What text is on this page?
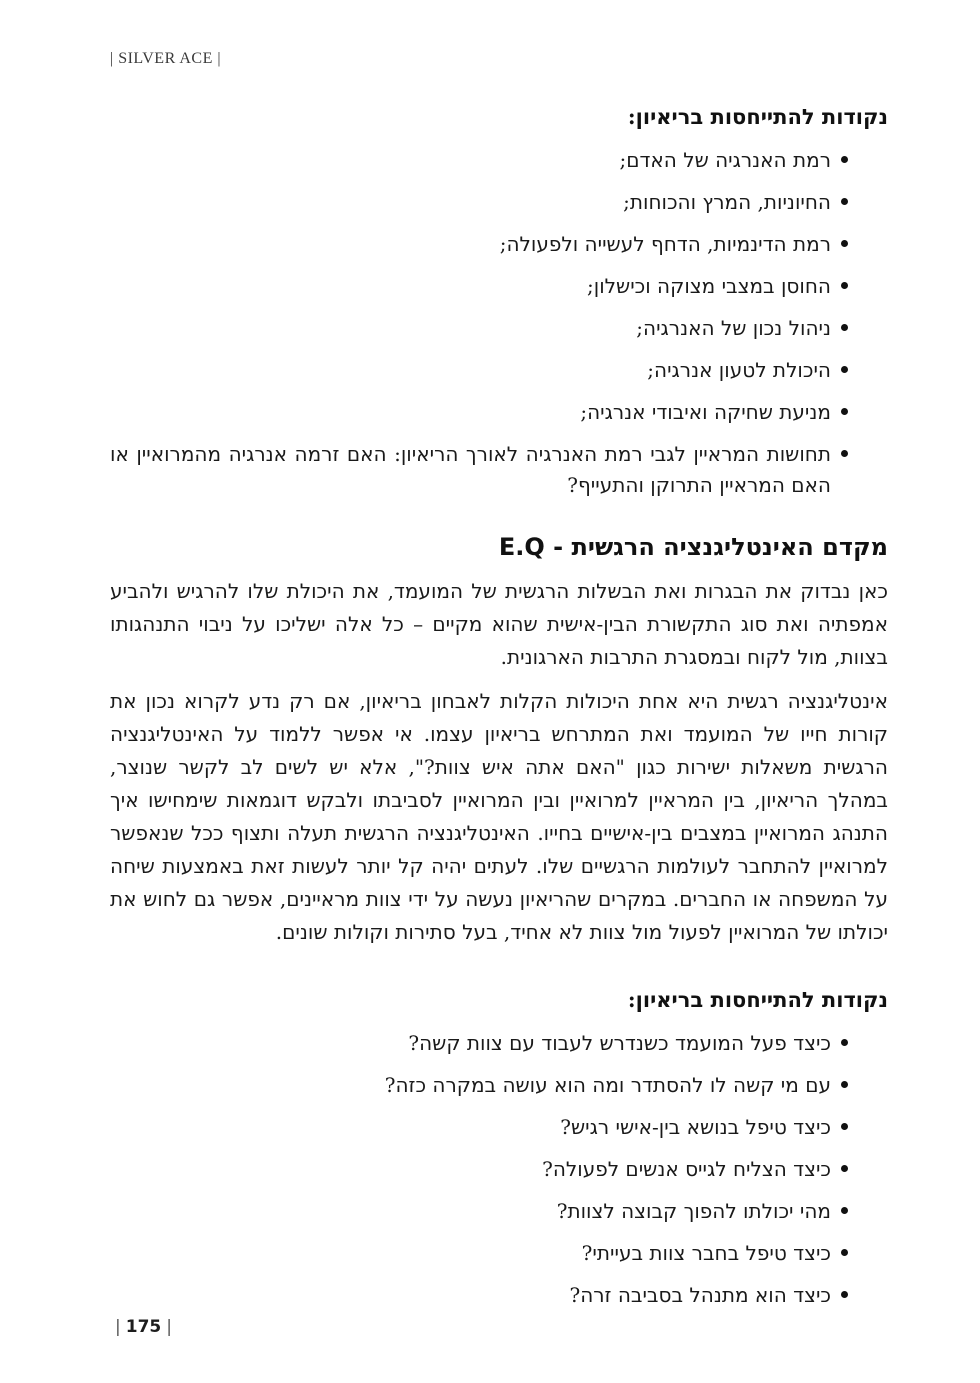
| SILVER ACE |
נקודות להתייחסות בריאיון:
רמת האנרגיה של האדם;
החיוניות, המרץ והכוחות;
רמת הדינמיות, הדחף לעשייה ולפעולה;
החוסן במצבי מצוקה וכישלון;
ניהול נכון של האנרגיה;
היכולת לטעון אנרגיה;
מניעת שחיקה ואיבודי אנרגיה;
תחושות המראיין לגבי רמת האנרגיה לאורך הריאיון: האם זרמה אנרגיה מהמרואיין או האם המראיין התרוקן והתעייף?
מקדם האינטליגנציה הרגשית - E.Q

כאן נבדוק את הבגרות ואת הבשלות הרגשית של המועמד, את היכולת שלו להרגיש ולהביע אמפתיה ואת סוג התקשורת הבין-אישית שהוא מקיים – כל אלה ישליכו על ניבוי התנהגותו בצוות, מול לקוח ובמסגרת התרבות הארגונית.

אינטליגנציה רגשית היא אחת היכולות הקלות לאבחון בריאיון, אם רק נדע לקרוא נכון את קורות חייו של המועמד ואת המתרחש בריאיון עצמו. אי אפשר ללמוד על האינטליגנציה הרגשית משאלות ישירות כגון "האם אתה איש צוות?", אלא יש לשים לב לקשר שנוצר, במהלך הריאיון, בין המראיין למרואיין ובין המרואיין לסביבתו ולבקש דוגמאות שימחישו איך התנהג המרואיין במצבים בין-אישיים בחייו. האינטליגנציה הרגשית תעלה ותצוף ככל שנאפשר למרואיין להתחבר לעולמות הרגשיים שלו. לעתים יהיה קל יותר לעשות זאת באמצעות שיחה על המשפחה או החברים. במקרים שהריאיון נעשה על ידי צוות מראיינים, אפשר גם לחוש את יכולתו של המרואיין לפעול מול צוות לא אחיד, בעל סתירות וקולות שונים.

נקודות להתייחסות בריאיון:
כיצד פעל המועמד כשנדרש לעבוד עם צוות קשה?
עם מי קשה לו להסתדר ומה הוא עושה במקרה כזה?
כיצד טיפל בנושא בין-אישי רגיש?
כיצד הצליח לגייס אנשים לפעולה?
מהי יכולתו להפוך קבוצה לצוות?
כיצד טיפל בחבר צוות בעייתי?
כיצד הוא מתנהל בסביבה זרה?
| 175 |
